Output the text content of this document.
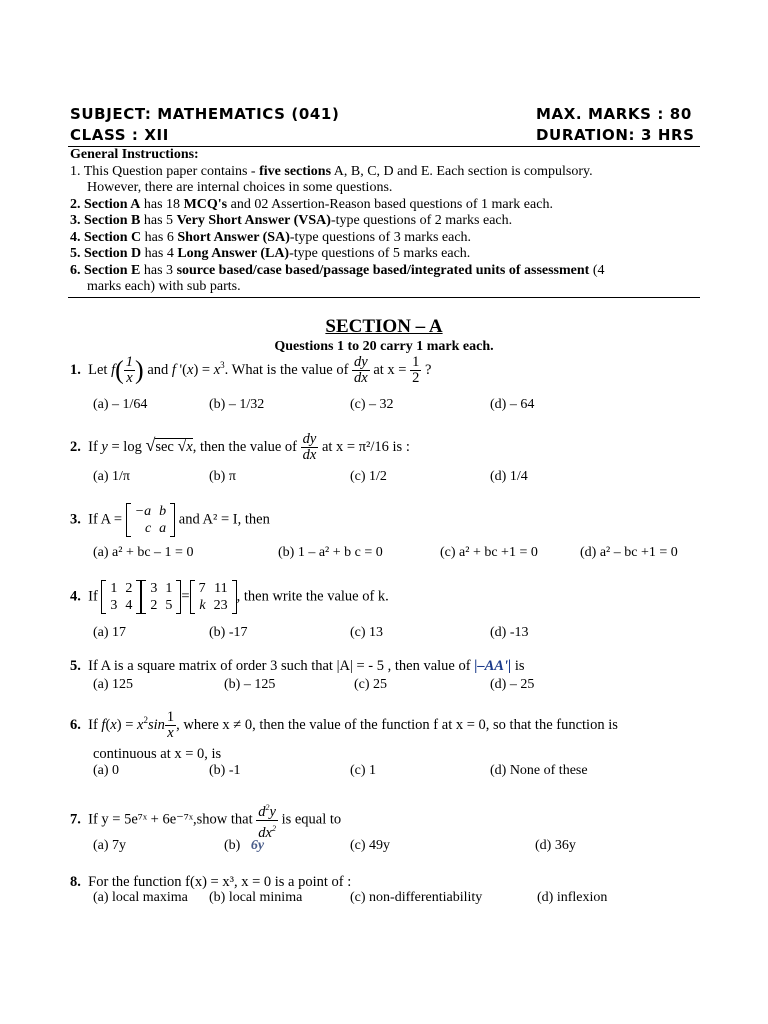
SUBJECT: MATHEMATICS (041)	MAX. MARKS : 80
CLASS : XII	DURATION: 3 HRS
General Instructions:
1. This Question paper contains - five sections A, B, C, D and E. Each section is compulsory.
However, there are internal choices in some questions.
2. Section A has 18 MCQ's and 02 Assertion-Reason based questions of 1 mark each.
3. Section B has 5 Very Short Answer (VSA)-type questions of 2 marks each.
4. Section C has 6 Short Answer (SA)-type questions of 3 marks each.
5. Section D has 4 Long Answer (LA)-type questions of 5 marks each.
6. Section E has 3 source based/case based/passage based/integrated units of assessment (4
marks each) with sub parts.
SECTION – A
Questions 1 to 20 carry 1 mark each.
1. Let $f( \frac{1}{x}$ ) and f '$(x) = x^3$. What is the value of $\frac{dy}{dx}$ at $x = \frac{1}{2}$ ?
(a) – 1/64	(b) – 1/32	(c) – 32	(d) – 64
2. If y = log √sec √x, then the value of $\frac{dy}{dx}$ at x = π²/16 is :
(a) 1/π	(b) π	(c) 1/2	(d) 1/4
3. If A = −a	b
c	a
and A² = I, then
(a) a² + bc – 1 = 0	(b) 1 – a² + b c = 0	(c) a² + bc +1 = 0	(d) a² – bc +1 = 0
4. If 1	2
3	4
3	1
2	5
= 7	11
k	23
, then write the value of k.
(a) 17	(b) -17	(c) 13	(d) -13
5. If A is a square matrix of order 3 such that |A| = - 5 , then value of |–AA'| is
(a) 125	(b) – 125	(c) 25	(d) – 25
6. If $f(x) = x^2\sin \frac{1}{x}$ , where x ≠ 0, then the value of the function f at x = 0, so that the function is
continuous at x = 0, is
(a) 0	(b) -1	(c) 1	(d) None of these
7. If y = 5e⁷ˣ + 6e⁻⁷ˣ,show that $\frac{d^2y}{dx^2}$ is equal to
(a) 7y	(b) 6y	(c) 49y	(d) 36y
8. For the function f(x) = x³, x = 0 is a point of :
(a) local maxima (b) local minima	(c) non-differentiability	(d) inflexion
